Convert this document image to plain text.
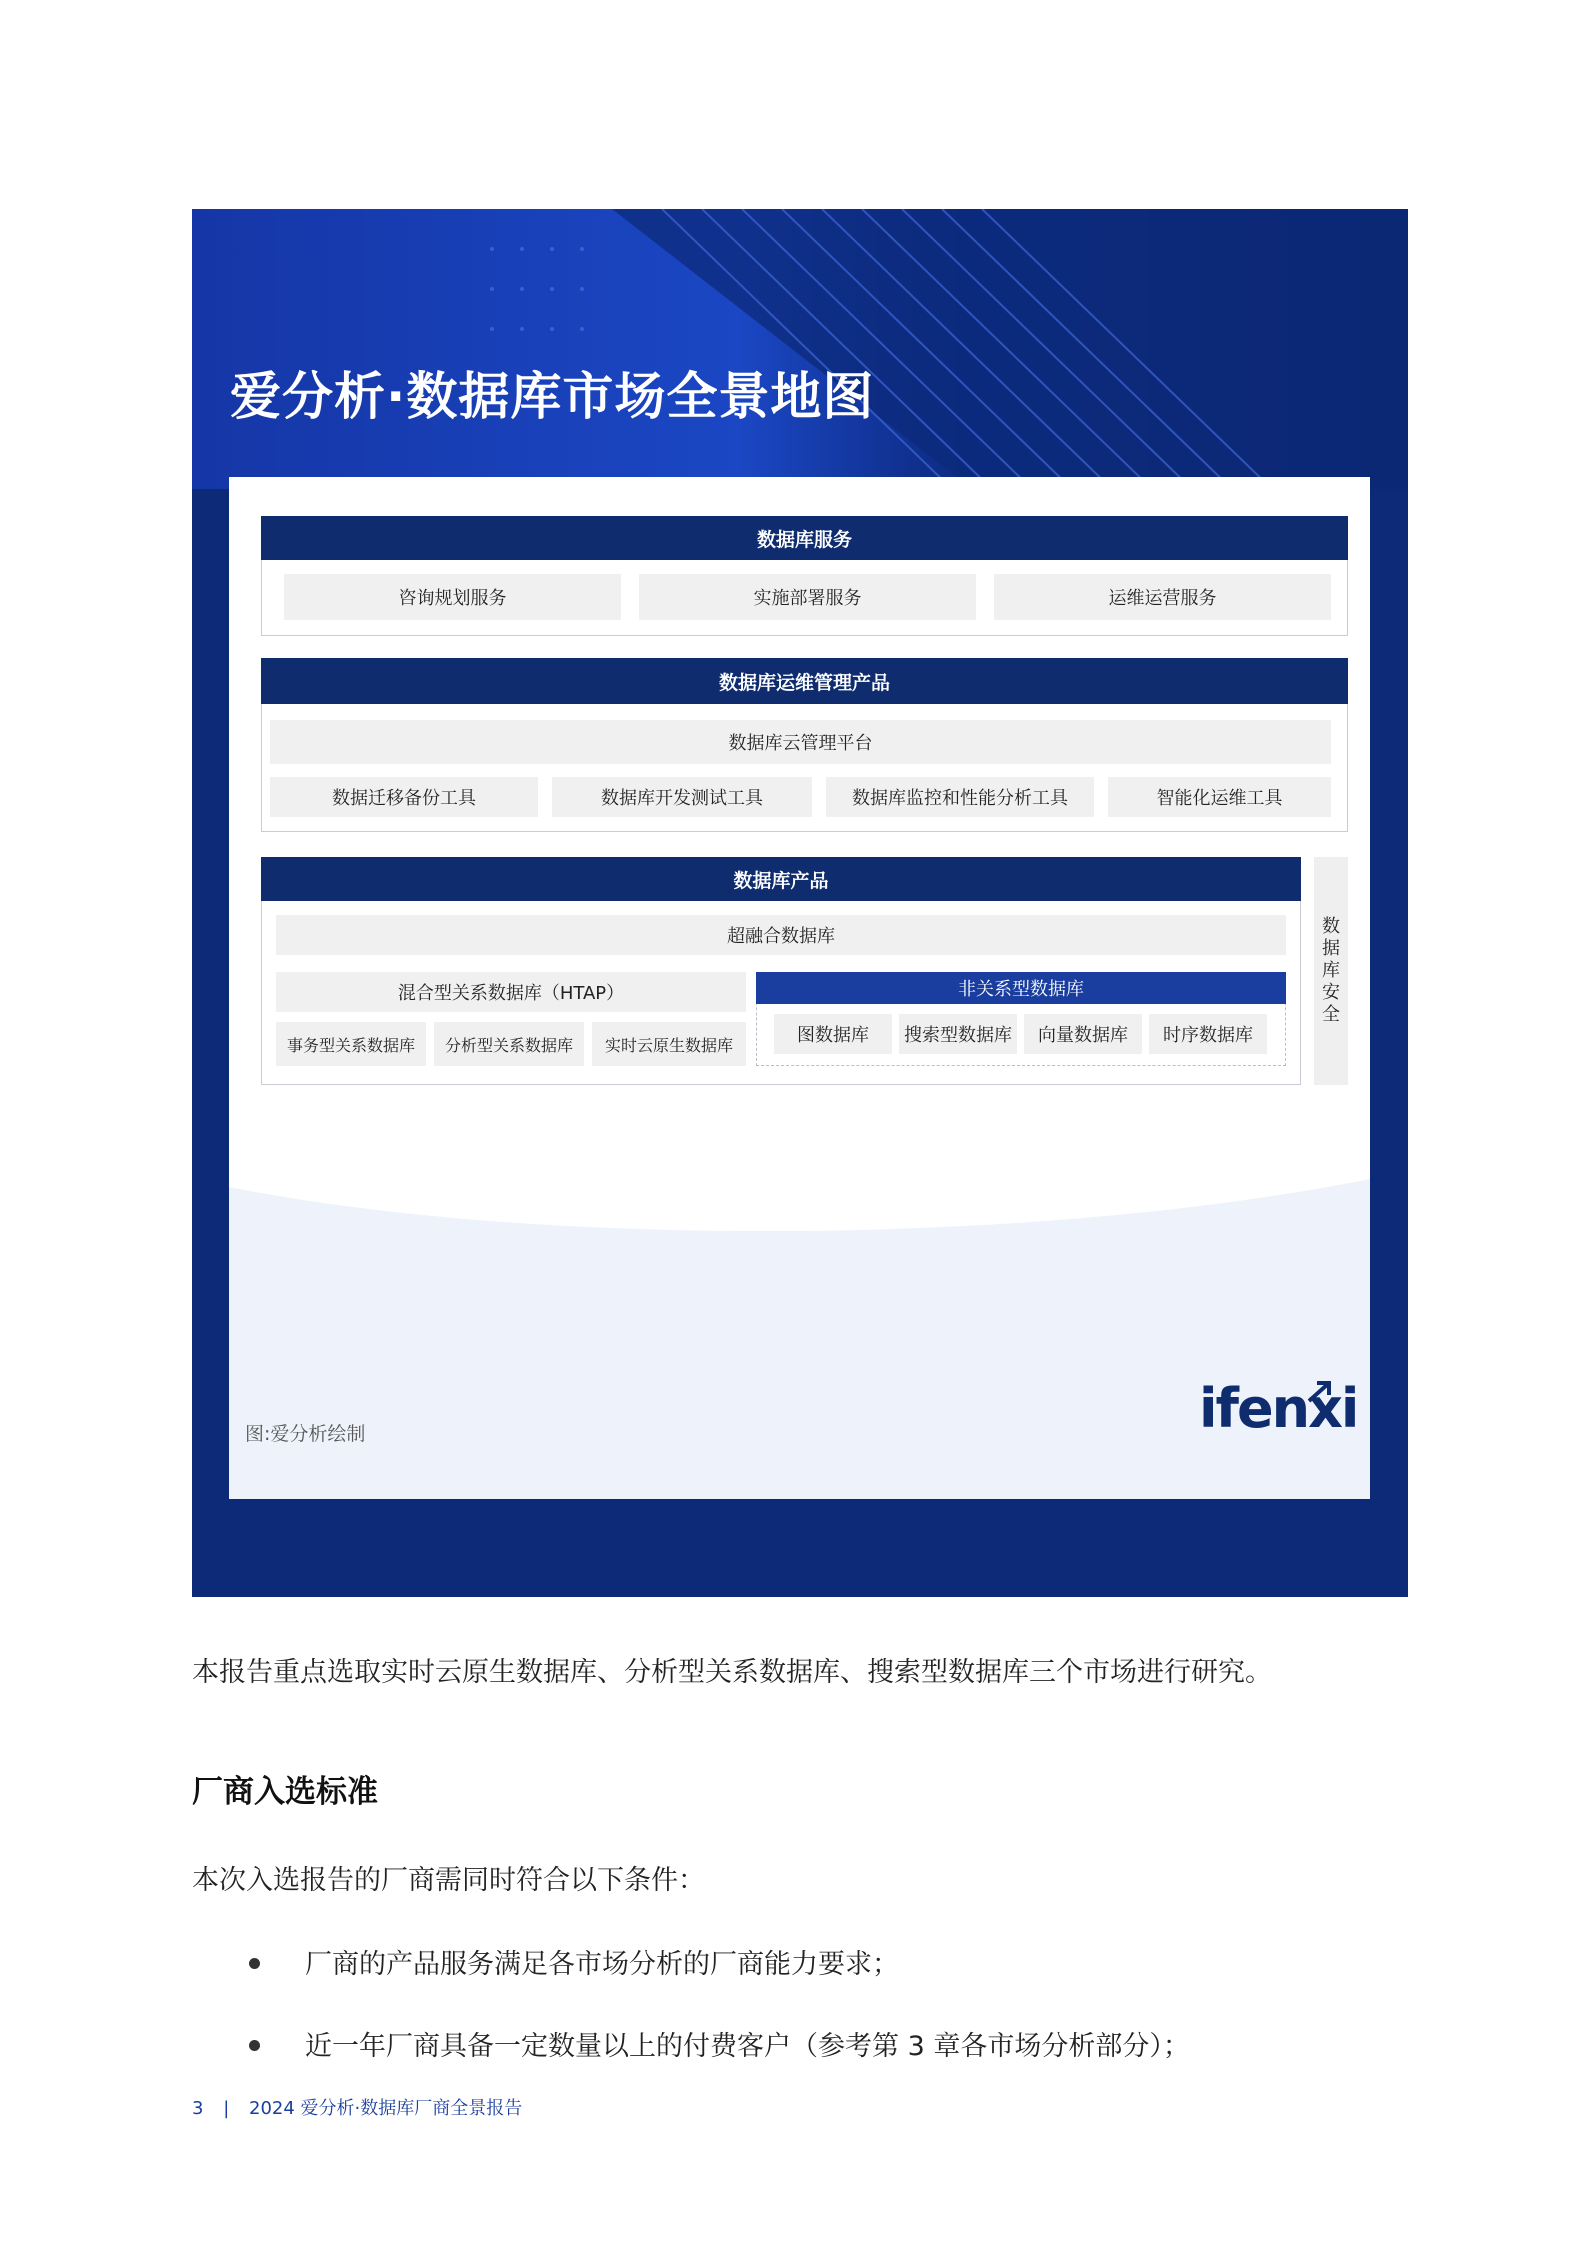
爱分析·数据库市场全景地图
数据库服务
咨询规划服务	实施部署服务	运维运营服务
数据库运维管理产品
数据库云管理平台
数据迁移备份工具	数据库开发测试工具	数据库监控和性能分析工具	智能化运维工具
数据库产品
超融合数据库
混合型关系数据库（HTAP）
事务型关系数据库	分析型关系数据库	实时云原生数据库
非关系型数据库
图数据库	搜索型数据库	向量数据库	时序数据库
数
据
库
安
全
图:爱分析绘制	ifenxi
本报告重点选取实时云原生数据库、分析型关系数据库、搜索型数据库三个市场进行研究。
厂商入选标准
本次入选报告的厂商需同时符合以下条件：
厂商的产品服务满足各市场分析的厂商能力要求；
近一年厂商具备一定数量以上的付费客户（参考第 3 章各市场分析部分）；
3 | 2024 爱分析·数据库厂商全景报告
